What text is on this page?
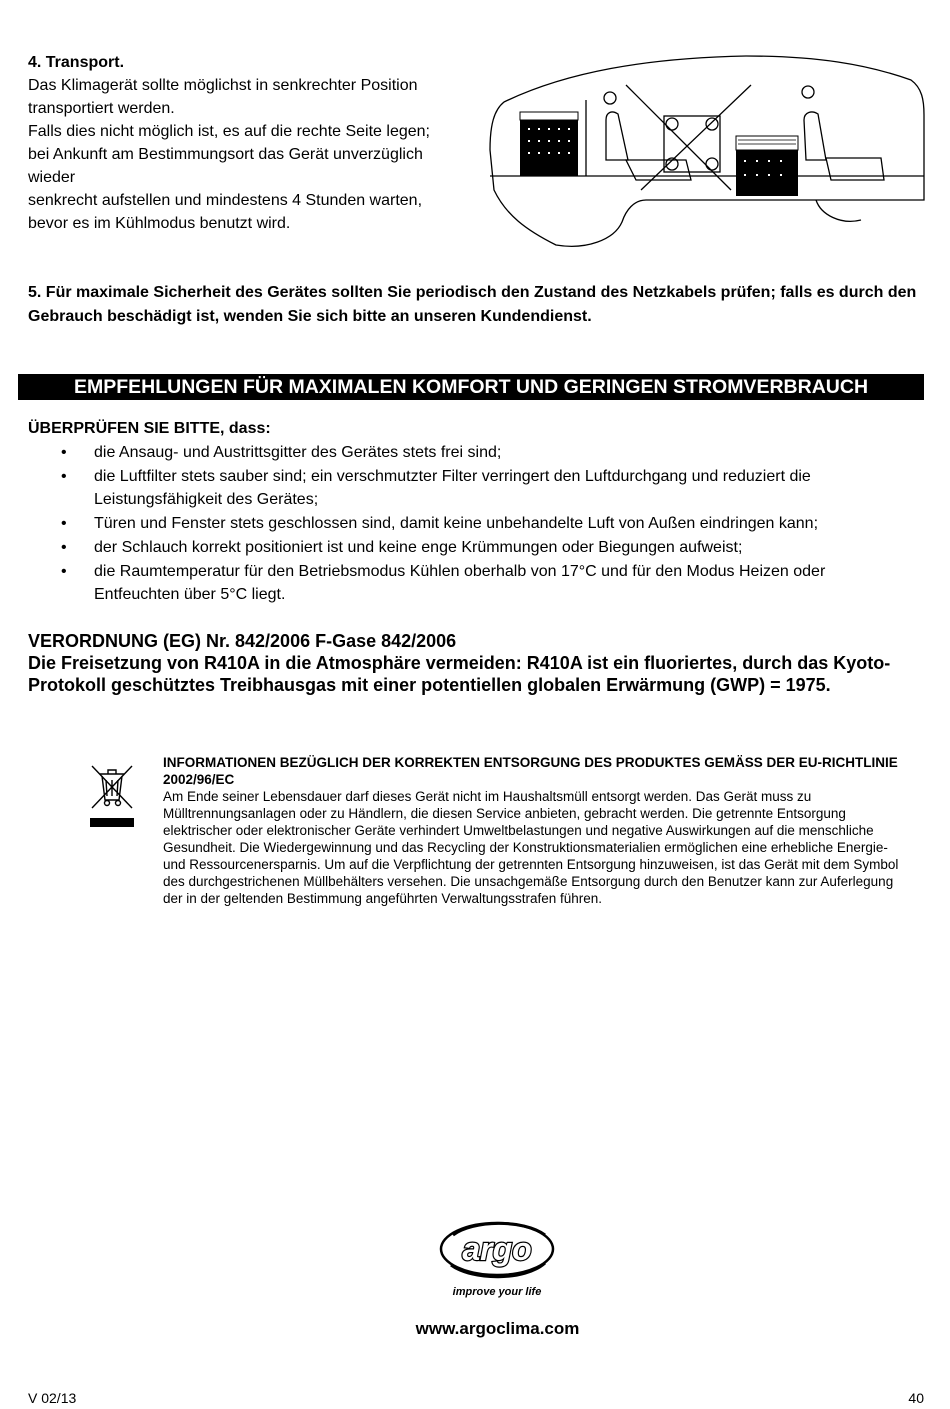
4. Transport.
Das Klimagerät sollte möglichst in senkrechter Position
transportiert werden.
Falls dies nicht möglich ist, es auf die rechte Seite legen;
bei Ankunft am Bestimmungsort das Gerät unverzüglich
wieder
senkrecht aufstellen und mindestens 4 Stunden warten,
bevor es im Kühlmodus benutzt wird.
5. Für maximale Sicherheit des Gerätes sollten Sie periodisch den Zustand des Netzkabels prüfen; falls es durch den Gebrauch beschädigt ist, wenden Sie sich bitte an unseren Kundendienst.
EMPFEHLUNGEN FÜR MAXIMALEN KOMFORT UND GERINGEN STROMVERBRAUCH
ÜBERPRÜFEN SIE BITTE, dass:
• die Ansaug- und Austrittsgitter des Gerätes stets frei sind;
• die Luftfilter stets sauber sind; ein verschmutzter Filter verringert den Luftdurchgang und reduziert die Leistungsfähigkeit des Gerätes;
• Türen und Fenster stets geschlossen sind, damit keine unbehandelte Luft von Außen eindringen kann;
• der Schlauch korrekt positioniert ist und keine enge Krümmungen oder Biegungen aufweist;
• die Raumtemperatur für den Betriebsmodus Kühlen oberhalb von 17°C und für den Modus Heizen oder Entfeuchten über 5°C liegt.
VERORDNUNG (EG) Nr. 842/2006 F-Gase 842/2006
Die Freisetzung von R410A in die Atmosphäre vermeiden: R410A ist ein fluoriertes, durch das Kyoto-Protokoll geschütztes Treibhausgas mit einer potentiellen globalen Erwärmung (GWP) = 1975.
INFORMATIONEN BEZÜGLICH DER KORREKTEN ENTSORGUNG DES PRODUKTES GEMÄSS DER EU-RICHTLINIE 2002/96/EC
Am Ende seiner Lebensdauer darf dieses Gerät nicht im Haushaltsmüll entsorgt werden. Das Gerät muss zu Mülltrennungsanlagen oder zu Händlern, die diesen Service anbieten, gebracht werden. Die getrennte Entsorgung elektrischer oder elektronischer Geräte verhindert Umweltbelastungen und negative Auswirkungen auf die menschliche Gesundheit. Die Wiedergewinnung und das Recycling der Konstruktionsmaterialien ermöglichen eine erhebliche Energie- und Ressourcenersparnis. Um auf die Verpflichtung der getrennten Entsorgung hinzuweisen, ist das Gerät mit dem Symbol des durchgestrichenen Müllbehälters versehen. Die unsachgemäße Entsorgung durch den Benutzer kann zur Auferlegung der in der geltenden Bestimmung angeführten Verwaltungsstrafen führen.
argo
improve your life
www.argoclima.com
V 02/13	40
